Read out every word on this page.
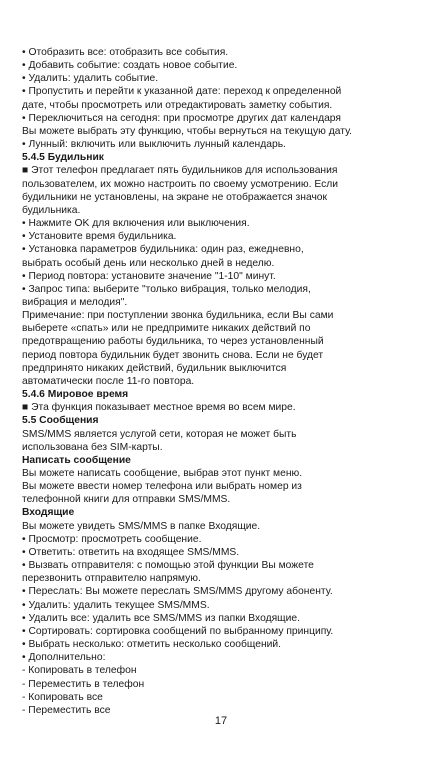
• Отобразить все: отобразить все события.
• Добавить событие: создать новое событие.
• Удалить: удалить событие.
• Пропустить и перейти к указанной дате: переход к определенной
дате, чтобы просмотреть или отредактировать заметку события.
• Переключиться на сегодня: при просмотре других дат календаря
Вы можете выбрать эту функцию, чтобы вернуться на текущую дату.
• Лунный: включить или выключить лунный календарь.
5.4.5 Будильник
■ Этот телефон предлагает пять будильников для использования
пользователем, их можно настроить по своему усмотрению. Если
будильники не установлены, на экране не отображается значок
будильника.
• Нажмите OK для включения или выключения.
• Установите время будильника.
• Установка параметров будильника: один раз, ежедневно,
выбрать особый день или несколько дней в неделю.
• Период повтора: установите значение "1-10" минут.
• Запрос типа: выберите "только вибрация, только мелодия,
вибрация и мелодия".
Примечание: при поступлении звонка будильника, если Вы сами
выберете «спать» или не предпримите никаких действий по
предотвращению работы будильника, то через установленный
период повтора будильник будет звонить снова. Если не будет
предпринято никаких действий, будильник выключится
автоматически после 11-го повтора.
5.4.6 Мировое время
■ Эта функция показывает местное время во всем мире.
5.5 Сообщения
SMS/MMS является услугой сети, которая не может быть
использована без SIM-карты.
Написать сообщение
Вы можете написать сообщение, выбрав этот пункт меню.
Вы можете ввести номер телефона или выбрать номер из
телефонной книги для отправки SMS/MMS.
Входящие
Вы можете увидеть SMS/MMS в папке Входящие.
• Просмотр: просмотреть сообщение.
• Ответить: ответить на входящее SMS/MMS.
• Вызвать отправителя: с помощью этой функции Вы можете
перезвонить отправителю напрямую.
• Переслать: Вы можете переслать SMS/MMS другому абоненту.
• Удалить: удалить текущее SMS/MMS.
• Удалить все: удалить все SMS/MMS из папки Входящие.
• Сортировать: сортировка сообщений по выбранному принципу.
• Выбрать несколько: отметить несколько сообщений.
• Дополнительно:
- Копировать в телефон
- Переместить в телефон
- Копировать все
- Переместить все
17
